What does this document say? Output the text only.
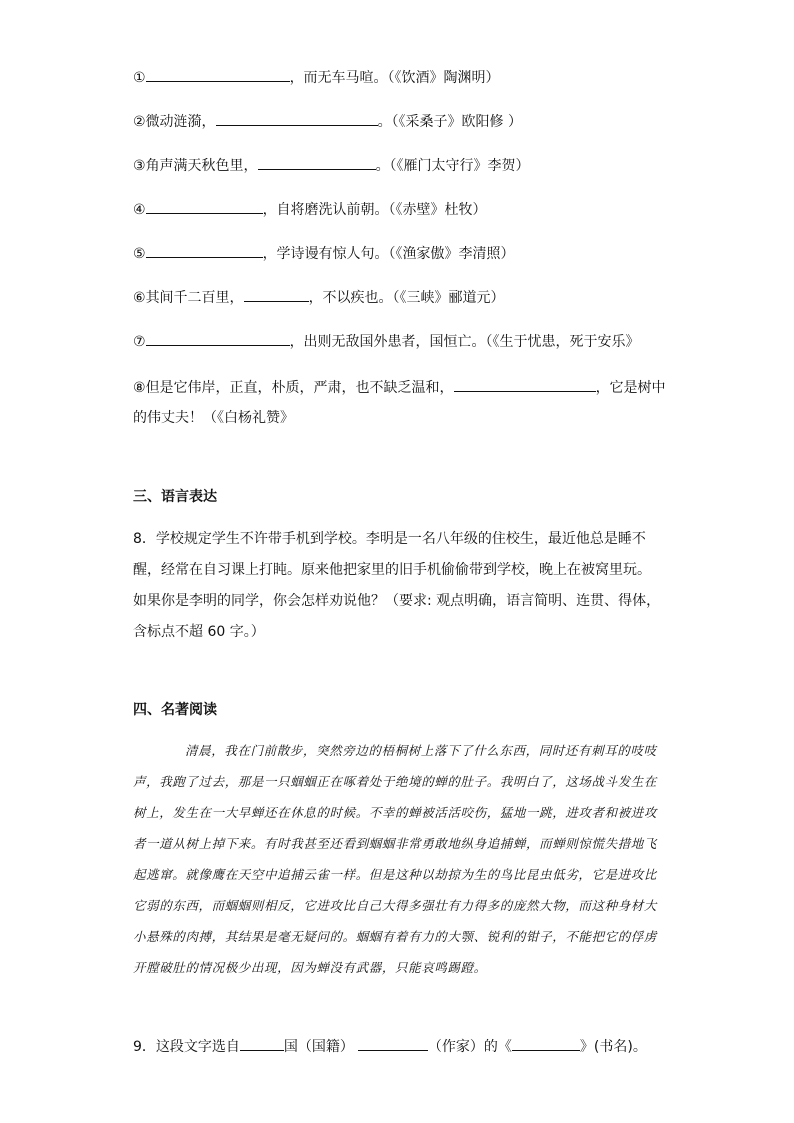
①	，而无车马喧。（《饮酒》陶渊明）
②微动涟漪，	。（《采桑子》欧阳修 ）
③角声满天秋色里，	。（《雁门太守行》李贺）
④	，自将磨洗认前朝。（《赤壁》杜牧）
⑤	，学诗谩有惊人句。（《渔家傲》李清照）
⑥其间千二百里，	，不以疾也。（《三峡》郦道元）
⑦	，出则无敌国外患者，国恒亡。（《生于忧患，死于安乐》
⑧但是它伟岸，正直，朴质，严肃，也不缺乏温和，	，它是树中
的伟丈夫！（《白杨礼赞》
三、语言表达
8．学校规定学生不许带手机到学校。李明是一名八年级的住校生，最近他总是睡不醒，经常在自习课上打盹。原来他把家里的旧手机偷偷带到学校，晚上在被窝里玩。如果你是李明的同学，你会怎样劝说他？（要求: 观点明确，语言简明、连贯、得体，含标点不超 60 字。）
四、名著阅读
清晨，我在门前散步，突然旁边的梧桐树上落下了什么东西，同时还有刺耳的吱吱声，我跑了过去，那是一只蝈蝈正在啄着处于绝境的蝉的肚子。我明白了，这场战斗发生在树上，发生在一大早蝉还在休息的时候。不幸的蝉被活活咬伤，猛地一跳，进攻者和被进攻者一道从树上掉下来。有时我甚至还看到蝈蝈非常勇敢地纵身追捕蝉，而蝉则惊慌失措地飞起逃窜。就像鹰在天空中追捕云雀一样。但是这种以劫掠为生的鸟比昆虫低劣，它是进攻比它弱的东西，而蝈蝈则相反，它进攻比自己大得多强壮有力得多的庞然大物，而这种身材大小悬殊的肉搏，其结果是毫无疑问的。蝈蝈有着有力的大颚、锐利的钳子，不能把它的俘虏开膛破肚的情况极少出现，因为蝉没有武器，只能哀鸣踢蹬。
9．这段文字选自	国（国籍）	（作家）的《	》(书名)。
